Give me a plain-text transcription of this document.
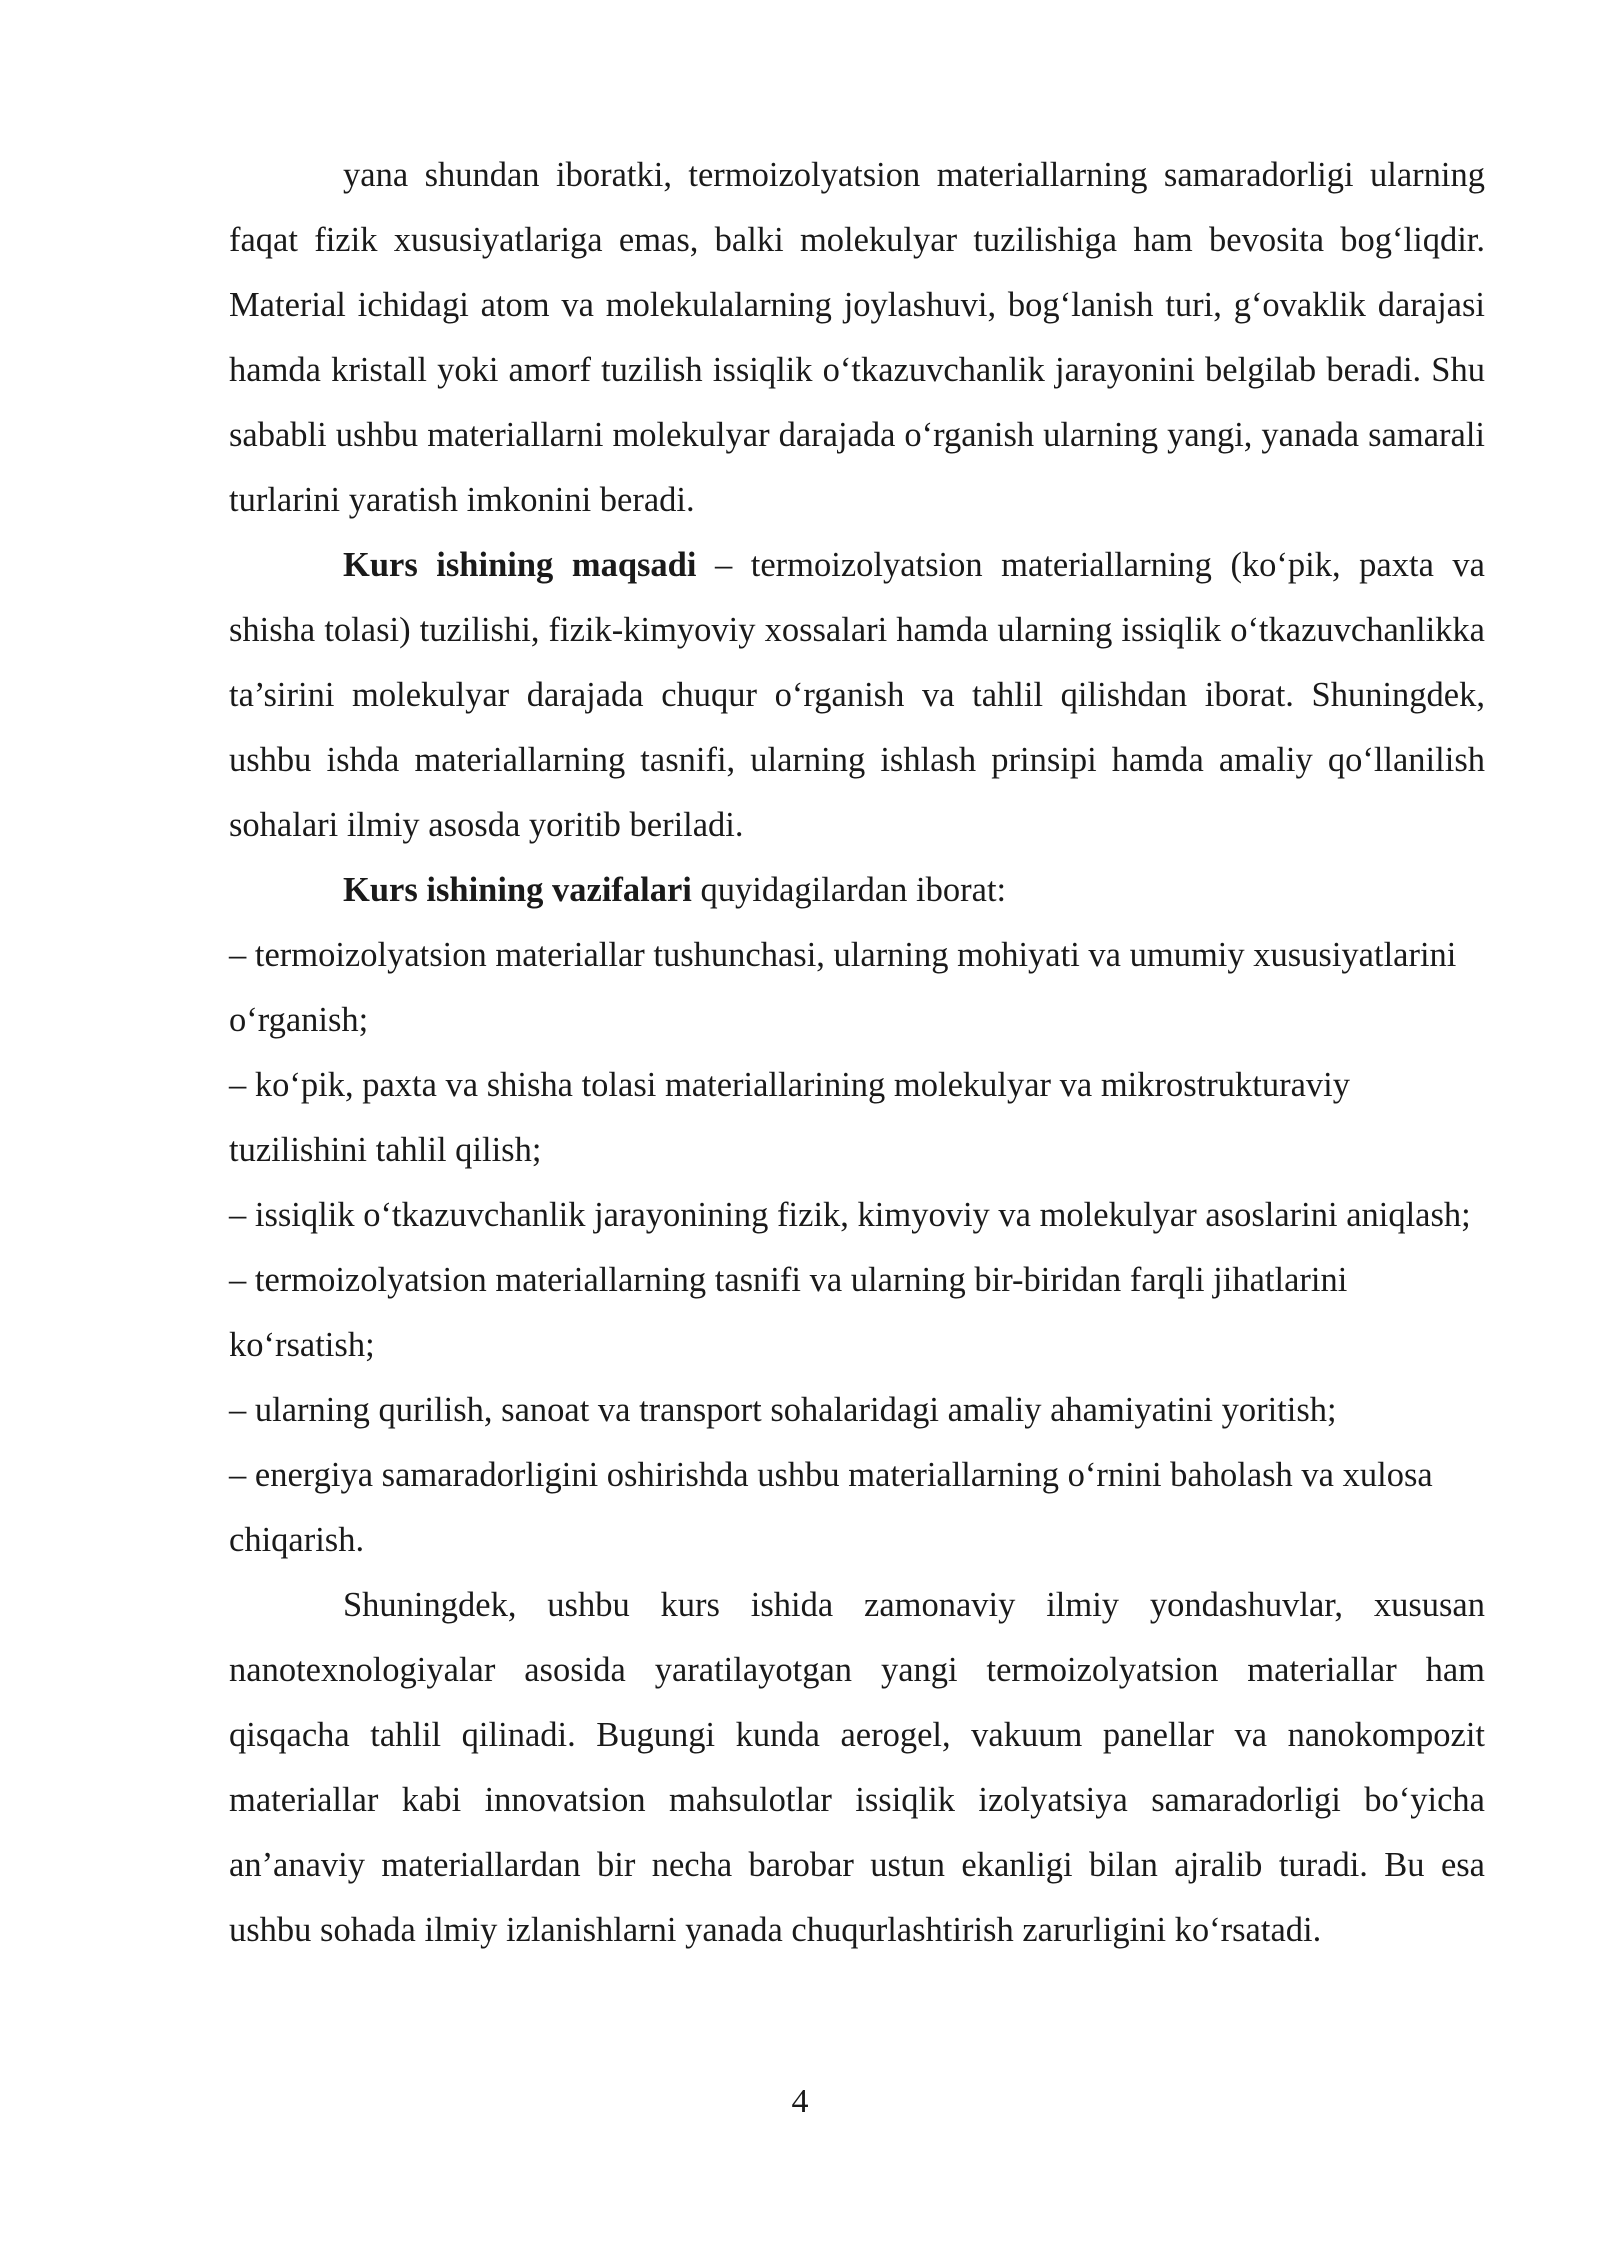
yana shundan iboratki, termoizolyatsion materiallarning samaradorligi ularning faqat fizik xususiyatlariga emas, balki molekulyar tuzilishiga ham bevosita bog‘liqdir. Material ichidagi atom va molekulalarning joylashuvi, bog‘lanish turi, g‘ovaklik darajasi hamda kristall yoki amorf tuzilish issiqlik o‘tkazuvchanlik jarayonini belgilab beradi. Shu sababli ushbu materiallarni molekulyar darajada o‘rganish ularning yangi, yanada samarali turlarini yaratish imkonini beradi.

Kurs ishining maqsadi – termoizolyatsion materiallarning (ko‘pik, paxta va shisha tolasi) tuzilishi, fizik-kimyoviy xossalari hamda ularning issiqlik o‘tkazuvchanlikka ta’sirini molekulyar darajada chuqur o‘rganish va tahlil qilishdan iborat. Shuningdek, ushbu ishda materiallarning tasnifi, ularning ishlash prinsipi hamda amaliy qo‘llanilish sohalari ilmiy asosda yoritib beriladi.

Kurs ishining vazifalari quyidagilardan iborat:

– termoizolyatsion materiallar tushunchasi, ularning mohiyati va umumiy xususiyatlarini o‘rganish;

– ko‘pik, paxta va shisha tolasi materiallarining molekulyar va mikrostrukturaviy tuzilishini tahlil qilish;

– issiqlik o‘tkazuvchanlik jarayonining fizik, kimyoviy va molekulyar asoslarini aniqlash;

– termoizolyatsion materiallarning tasnifi va ularning bir-biridan farqli jihatlarini ko‘rsatish;

– ularning qurilish, sanoat va transport sohalaridagi amaliy ahamiyatini yoritish;

– energiya samaradorligini oshirishda ushbu materiallarning o‘rnini baholash va xulosa chiqarish.

Shuningdek, ushbu kurs ishida zamonaviy ilmiy yondashuvlar, xususan nanotexnologiyalar asosida yaratilayotgan yangi termoizolyatsion materiallar ham qisqacha tahlil qilinadi. Bugungi kunda aerogel, vakuum panellar va nanokompozit materiallar kabi innovatsion mahsulotlar issiqlik izolyatsiya samaradorligi bo‘yicha an’anaviy materiallardan bir necha barobar ustun ekanligi bilan ajralib turadi. Bu esa ushbu sohada ilmiy izlanishlarni yanada chuqurlashtirish zarurligini ko‘rsatadi.

4
